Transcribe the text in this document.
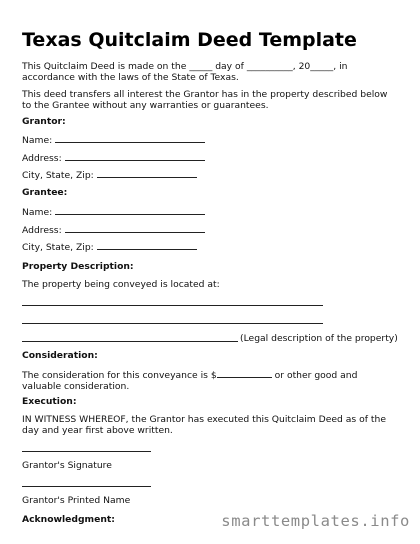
Texas Quitclaim Deed Template
This Quitclaim Deed is made on the _____ day of __________, 20_____, in accordance with the laws of the State of Texas.
This deed transfers all interest the Grantor has in the property described below to the Grantee without any warranties or guarantees.
Grantor:
Name:
Address:
City, State, Zip:
Grantee:
Name:
Address:
City, State, Zip:
Property Description:
The property being conveyed is located at:
(Legal description of the property)
Consideration:
The consideration for this conveyance is $	or other good and valuable consideration.
Execution:
IN WITNESS WHEREOF, the Grantor has executed this Quitclaim Deed as of the day and year first above written.
Grantor's Signature
Grantor's Printed Name
Acknowledgment:	smarttemplates.info
